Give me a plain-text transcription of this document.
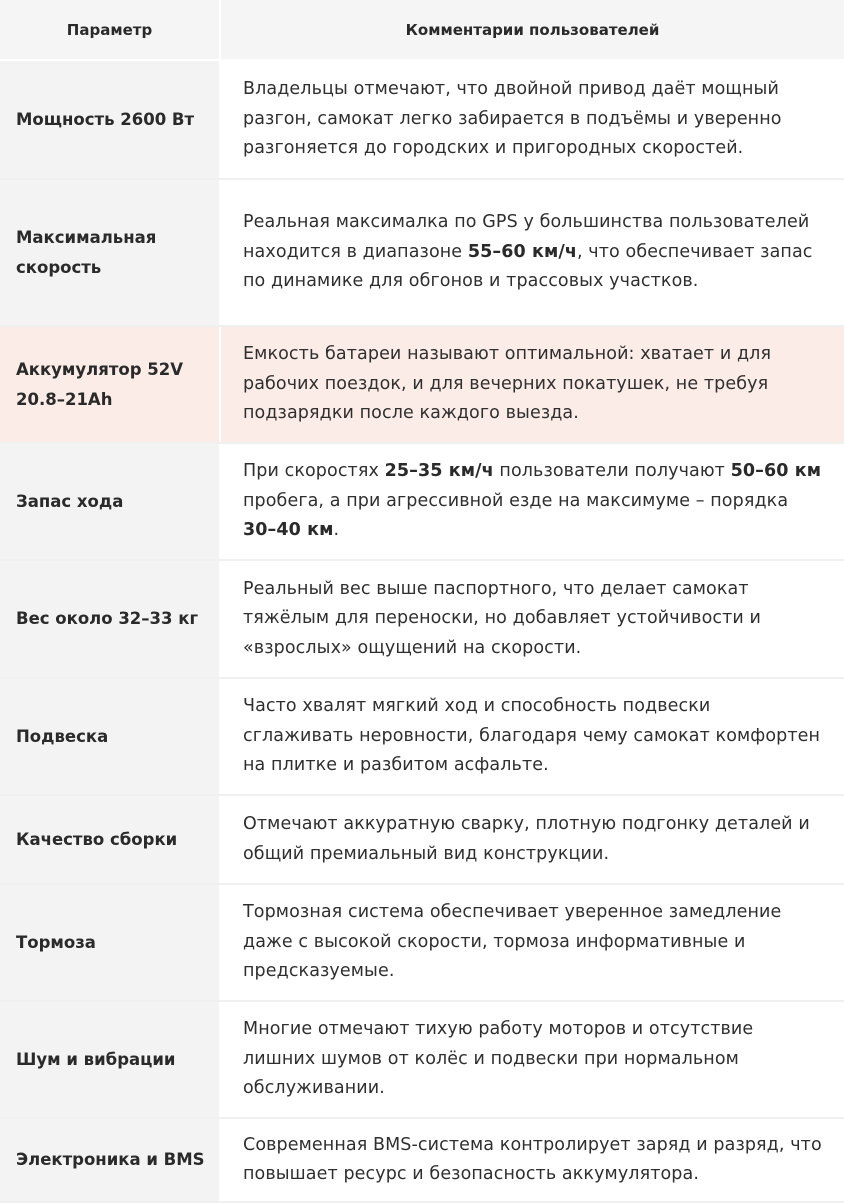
Параметр	Комментарии пользователей
Мощность 2600 Вт	Владельцы отмечают, что двойной привод даёт мощный разгон, самокат легко забирается в подъёмы и уверенно разгоняется до городских и пригородных скоростей.
Максимальная скорость	Реальная максималка по GPS у большинства пользователей находится в диапазоне 55–60 км/ч, что обеспечивает запас по динамике для обгонов и трассовых участков.
Аккумулятор 52V 20.8–21Ah	Емкость батареи называют оптимальной: хватает и для рабочих поездок, и для вечерних покатушек, не требуя подзарядки после каждого выезда.
Запас хода	При скоростях 25–35 км/ч пользователи получают 50–60 км пробега, а при агрессивной езде на максимуме – порядка 30–40 км.
Вес около 32–33 кг	Реальный вес выше паспортного, что делает самокат тяжёлым для переноски, но добавляет устойчивости и «взрослых» ощущений на скорости.
Подвеска	Часто хвалят мягкий ход и способность подвески сглаживать неровности, благодаря чему самокат комфортен на плитке и разбитом асфальте.
Качество сборки	Отмечают аккуратную сварку, плотную подгонку деталей и общий премиальный вид конструкции.
Тормоза	Тормозная система обеспечивает уверенное замедление даже с высокой скорости, тормоза информативные и предсказуемые.
Шум и вибрации	Многие отмечают тихую работу моторов и отсутствие лишних шумов от колёс и подвески при нормальном обслуживании.
Электроника и BMS	Современная BMS-система контролирует заряд и разряд, что повышает ресурс и безопасность аккумулятора.
